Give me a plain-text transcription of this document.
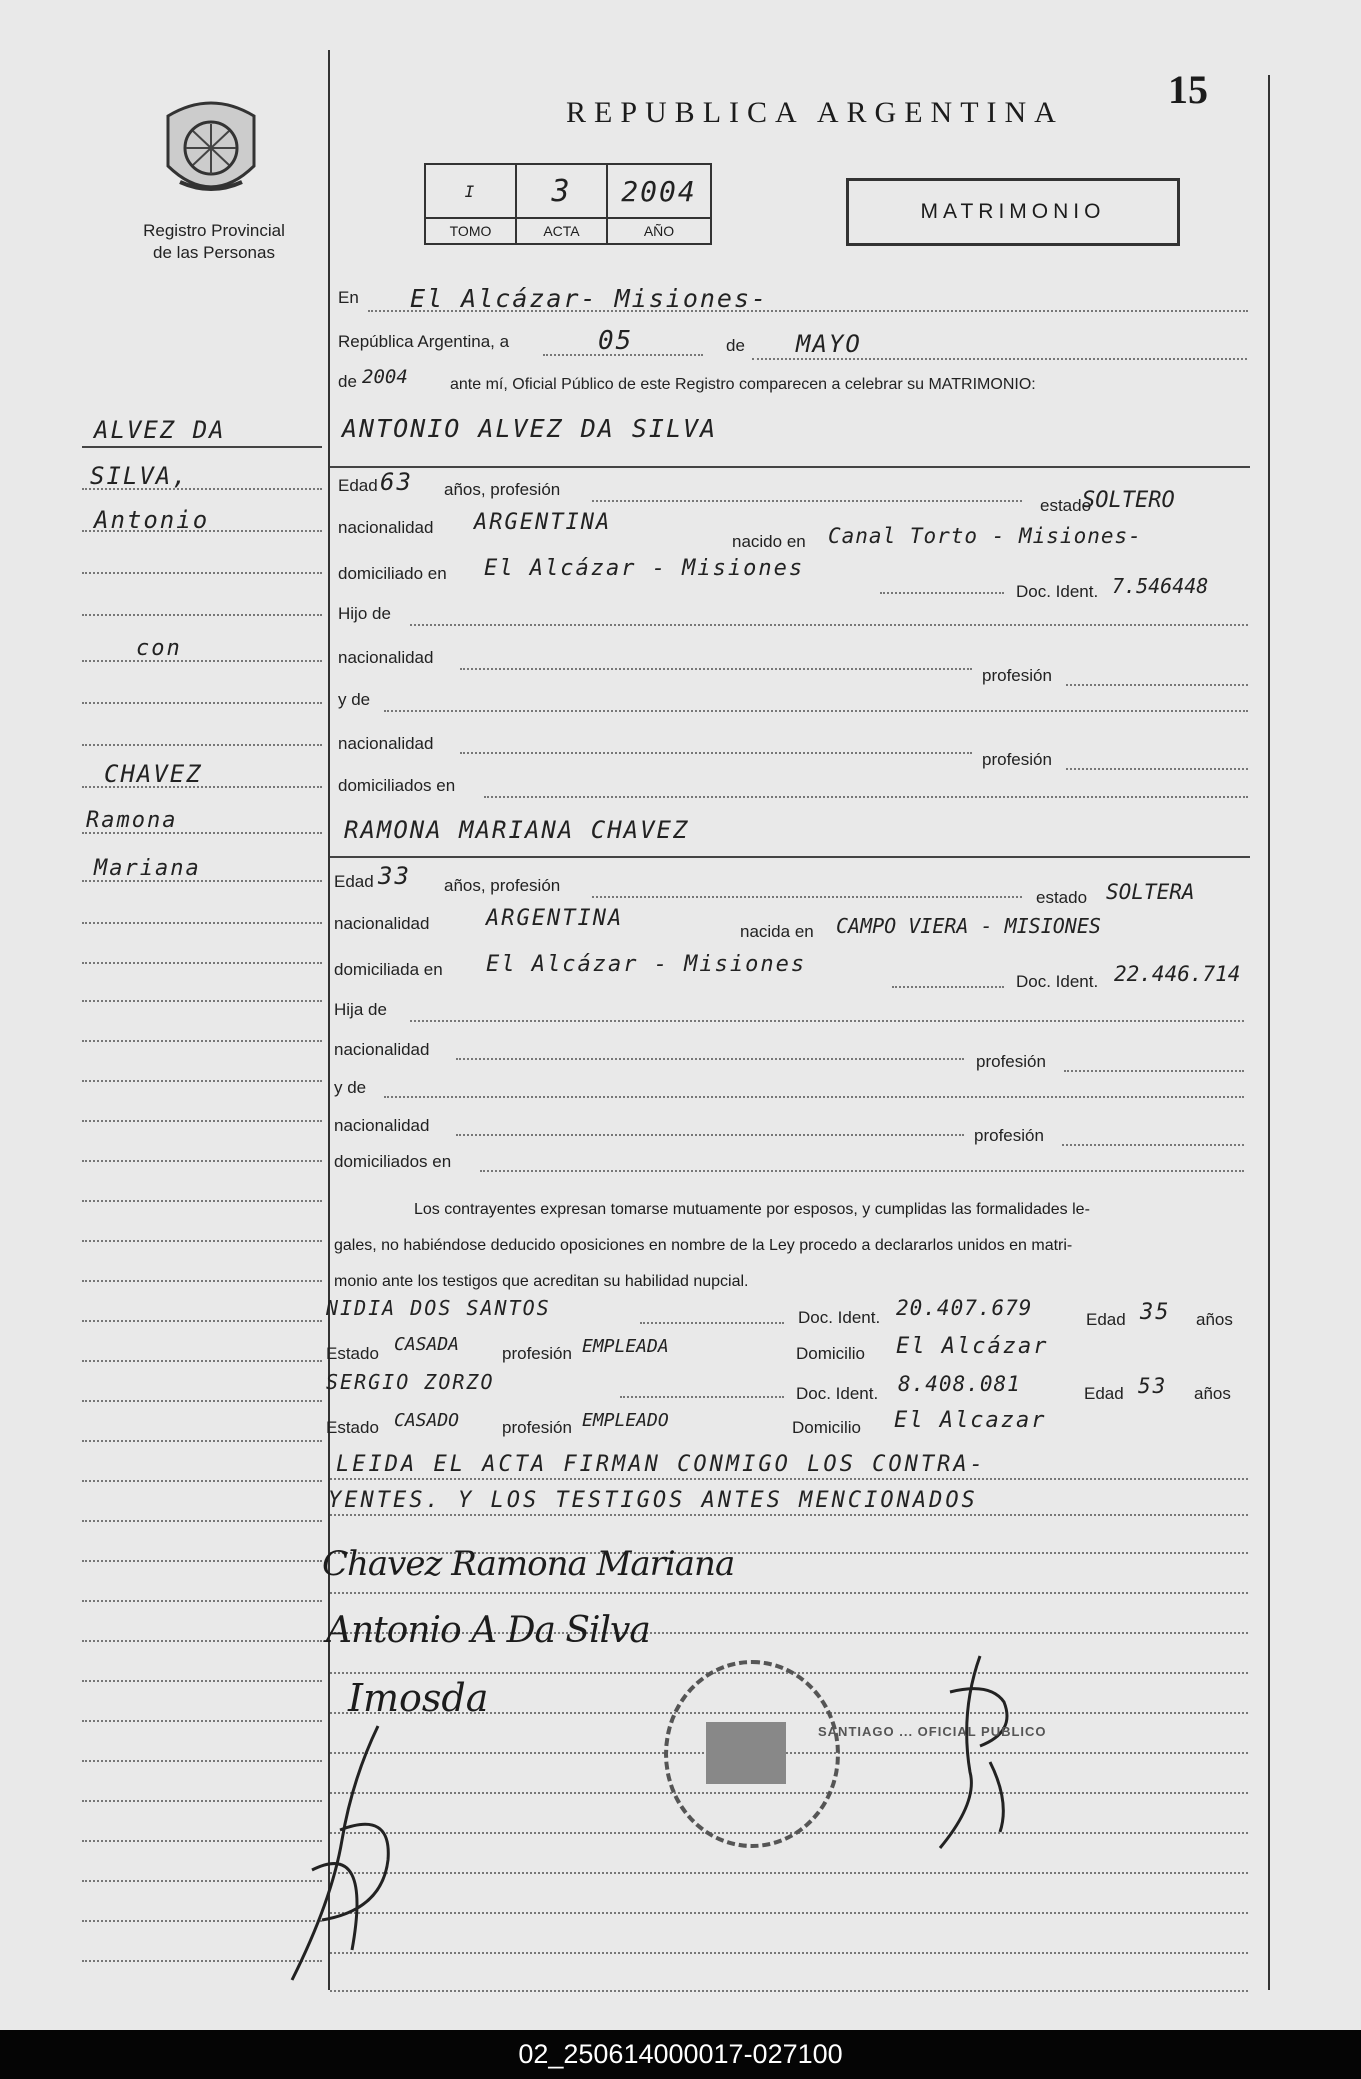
Registro Provincial
de las Personas
REPUBLICA ARGENTINA
15
I	3	2004
TOMO	ACTA	AÑO
MATRIMONIO
En El Alcázar- Misiones-
República Argentina, a	05	de MAYO
de 2004	ante mí, Oficial Público de este Registro comparecen a celebrar su MATRIMONIO:
ALVEZ DA
SILVA,
Antonio
con
CHAVEZ
Ramona
Mariana
ANTONIO ALVEZ DA SILVA
Edad 63 años, profesión
estado
SOLTERO
nacionalidad ARGENTINA
nacido en Canal Torto - Misiones-
domiciliado en El Alcázar - Misiones
Doc. Ident. 7.546448
Hijo de
nacionalidad
profesión
y de
nacionalidad
profesión
domiciliados en
RAMONA MARIANA CHAVEZ
Edad 33 años, profesión
estado SOLTERA
nacionalidad	ARGENTINA
nacida en CAMPO VIERA - MISIONES
domiciliada en El Alcázar - Misiones
Doc. Ident. 22.446.714
Hija de
nacionalidad
profesión
y de
nacionalidad
profesión
domiciliados en
Los contrayentes expresan tomarse mutuamente por esposos, y cumplidas las formalidades le-
gales, no habiéndose deducido oposiciones en nombre de la Ley procedo a declararlos unidos en matri-
monio ante los testigos que acreditan su habilidad nupcial.
NIDIA DOS SANTOS	Doc. Ident. 20.407.679	Edad 35 años
Estado CASADA	profesión EMPLEADA	Domicilio El Alcázar
SERGIO ZORZO	Doc. Ident. 8.408.081	Edad 53 años
Estado CASADO	profesión EMPLEADO	Domicilio El Alcazar
LEIDA EL ACTA FIRMAN CONMIGO LOS CONTRA-
YENTES. Y LOS TESTIGOS ANTES MENCIONADOS
Chavez Ramona Mariana
Antonio A Da Silva
Imosda
SANTIAGO ... OFICIAL PUBLICO
02_250614000017-027100
